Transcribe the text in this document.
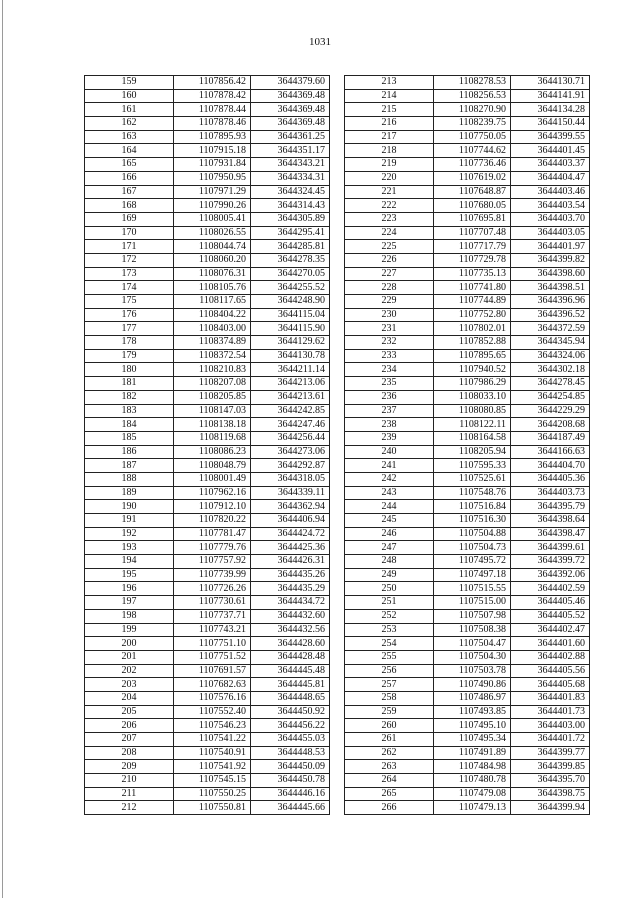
1031
159	1107856.42	3644379.60
160	1107878.42	3644369.48
161	1107878.44	3644369.48
162	1107878.46	3644369.48
163	1107895.93	3644361.25
164	1107915.18	3644351.17
165	1107931.84	3644343.21
166	1107950.95	3644334.31
167	1107971.29	3644324.45
168	1107990.26	3644314.43
169	1108005.41	3644305.89
170	1108026.55	3644295.41
171	1108044.74	3644285.81
172	1108060.20	3644278.35
173	1108076.31	3644270.05
174	1108105.76	3644255.52
175	1108117.65	3644248.90
176	1108404.22	3644115.04
177	1108403.00	3644115.90
178	1108374.89	3644129.62
179	1108372.54	3644130.78
180	1108210.83	3644211.14
181	1108207.08	3644213.06
182	1108205.85	3644213.61
183	1108147.03	3644242.85
184	1108138.18	3644247.46
185	1108119.68	3644256.44
186	1108086.23	3644273.06
187	1108048.79	3644292.87
188	1108001.49	3644318.05
189	1107962.16	3644339.11
190	1107912.10	3644362.94
191	1107820.22	3644406.94
192	1107781.47	3644424.72
193	1107779.76	3644425.36
194	1107757.92	3644426.31
195	1107739.99	3644435.26
196	1107726.26	3644435.29
197	1107730.61	3644434.72
198	1107737.71	3644432.60
199	1107743.21	3644432.56
200	1107751.10	3644428.60
201	1107751.52	3644428.48
202	1107691.57	3644445.48
203	1107682.63	3644445.81
204	1107576.16	3644448.65
205	1107552.40	3644450.92
206	1107546.23	3644456.22
207	1107541.22	3644455.03
208	1107540.91	3644448.53
209	1107541.92	3644450.09
210	1107545.15	3644450.78
211	1107550.25	3644446.16
212	1107550.81	3644445.66
213	1108278.53	3644130.71
214	1108256.53	3644141.91
215	1108270.90	3644134.28
216	1108239.75	3644150.44
217	1107750.05	3644399.55
218	1107744.62	3644401.45
219	1107736.46	3644403.37
220	1107619.02	3644404.47
221	1107648.87	3644403.46
222	1107680.05	3644403.54
223	1107695.81	3644403.70
224	1107707.48	3644403.05
225	1107717.79	3644401.97
226	1107729.78	3644399.82
227	1107735.13	3644398.60
228	1107741.80	3644398.51
229	1107744.89	3644396.96
230	1107752.80	3644396.52
231	1107802.01	3644372.59
232	1107852.88	3644345.94
233	1107895.65	3644324.06
234	1107940.52	3644302.18
235	1107986.29	3644278.45
236	1108033.10	3644254.85
237	1108080.85	3644229.29
238	1108122.11	3644208.68
239	1108164.58	3644187.49
240	1108205.94	3644166.63
241	1107595.33	3644404.70
242	1107525.61	3644405.36
243	1107548.76	3644403.73
244	1107516.84	3644395.79
245	1107516.30	3644398.64
246	1107504.88	3644398.47
247	1107504.73	3644399.61
248	1107495.72	3644399.72
249	1107497.18	3644392.06
250	1107515.55	3644402.59
251	1107515.00	3644405.46
252	1107507.98	3644405.52
253	1107508.38	3644402.47
254	1107504.47	3644401.60
255	1107504.30	3644402.88
256	1107503.78	3644405.56
257	1107490.86	3644405.68
258	1107486.97	3644401.83
259	1107493.85	3644401.73
260	1107495.10	3644403.00
261	1107495.34	3644401.72
262	1107491.89	3644399.77
263	1107484.98	3644399.85
264	1107480.78	3644395.70
265	1107479.08	3644398.75
266	1107479.13	3644399.94
